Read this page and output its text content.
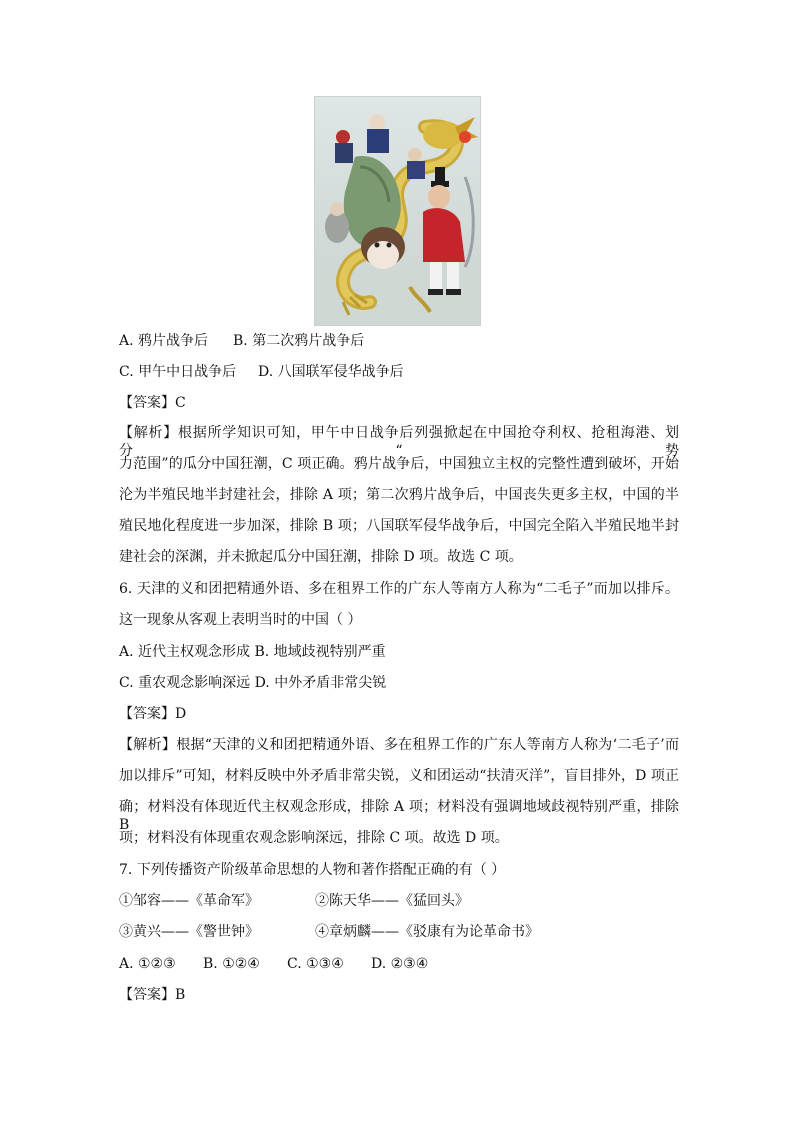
A. 鸦片战争后 B. 第二次鸦片战争后
C. 甲午中日战争后 D. 八国联军侵华战争后
【答案】C
【解析】根据所学知识可知，甲午中日战争后列强掀起在中国抢夺利权、抢租海港、划分“势
力范围”的瓜分中国狂潮，C 项正确。鸦片战争后，中国独立主权的完整性遭到破坏，开始
沦为半殖民地半封建社会，排除 A 项；第二次鸦片战争后，中国丧失更多主权，中国的半
殖民地化程度进一步加深，排除 B 项；八国联军侵华战争后，中国完全陷入半殖民地半封
建社会的深渊，并未掀起瓜分中国狂潮，排除 D 项。故选 C 项。
6. 天津的义和团把精通外语、多在租界工作的广东人等南方人称为“二毛子”而加以排斥。
这一现象从客观上表明当时的中国（ ）
A. 近代主权观念形成 B. 地域歧视特别严重
C. 重农观念影响深远 D. 中外矛盾非常尖锐
【答案】D
【解析】根据“天津的义和团把精通外语、多在租界工作的广东人等南方人称为‘二毛子’而
加以排斥”可知，材料反映中外矛盾非常尖锐，义和团运动“扶清灭洋”，盲目排外，D 项正
确；材料没有体现近代主权观念形成，排除 A 项；材料没有强调地域歧视特别严重，排除 B
项；材料没有体现重农观念影响深远，排除 C 项。故选 D 项。
7. 下列传播资产阶级革命思想的人物和著作搭配正确的有（ ）
①邹容——《革命军》	②陈天华——《猛回头》
③黄兴——《警世钟》	④章炳麟——《驳康有为论革命书》
A. ①②③ B. ①②④ C. ①③④ D. ②③④
【答案】B
